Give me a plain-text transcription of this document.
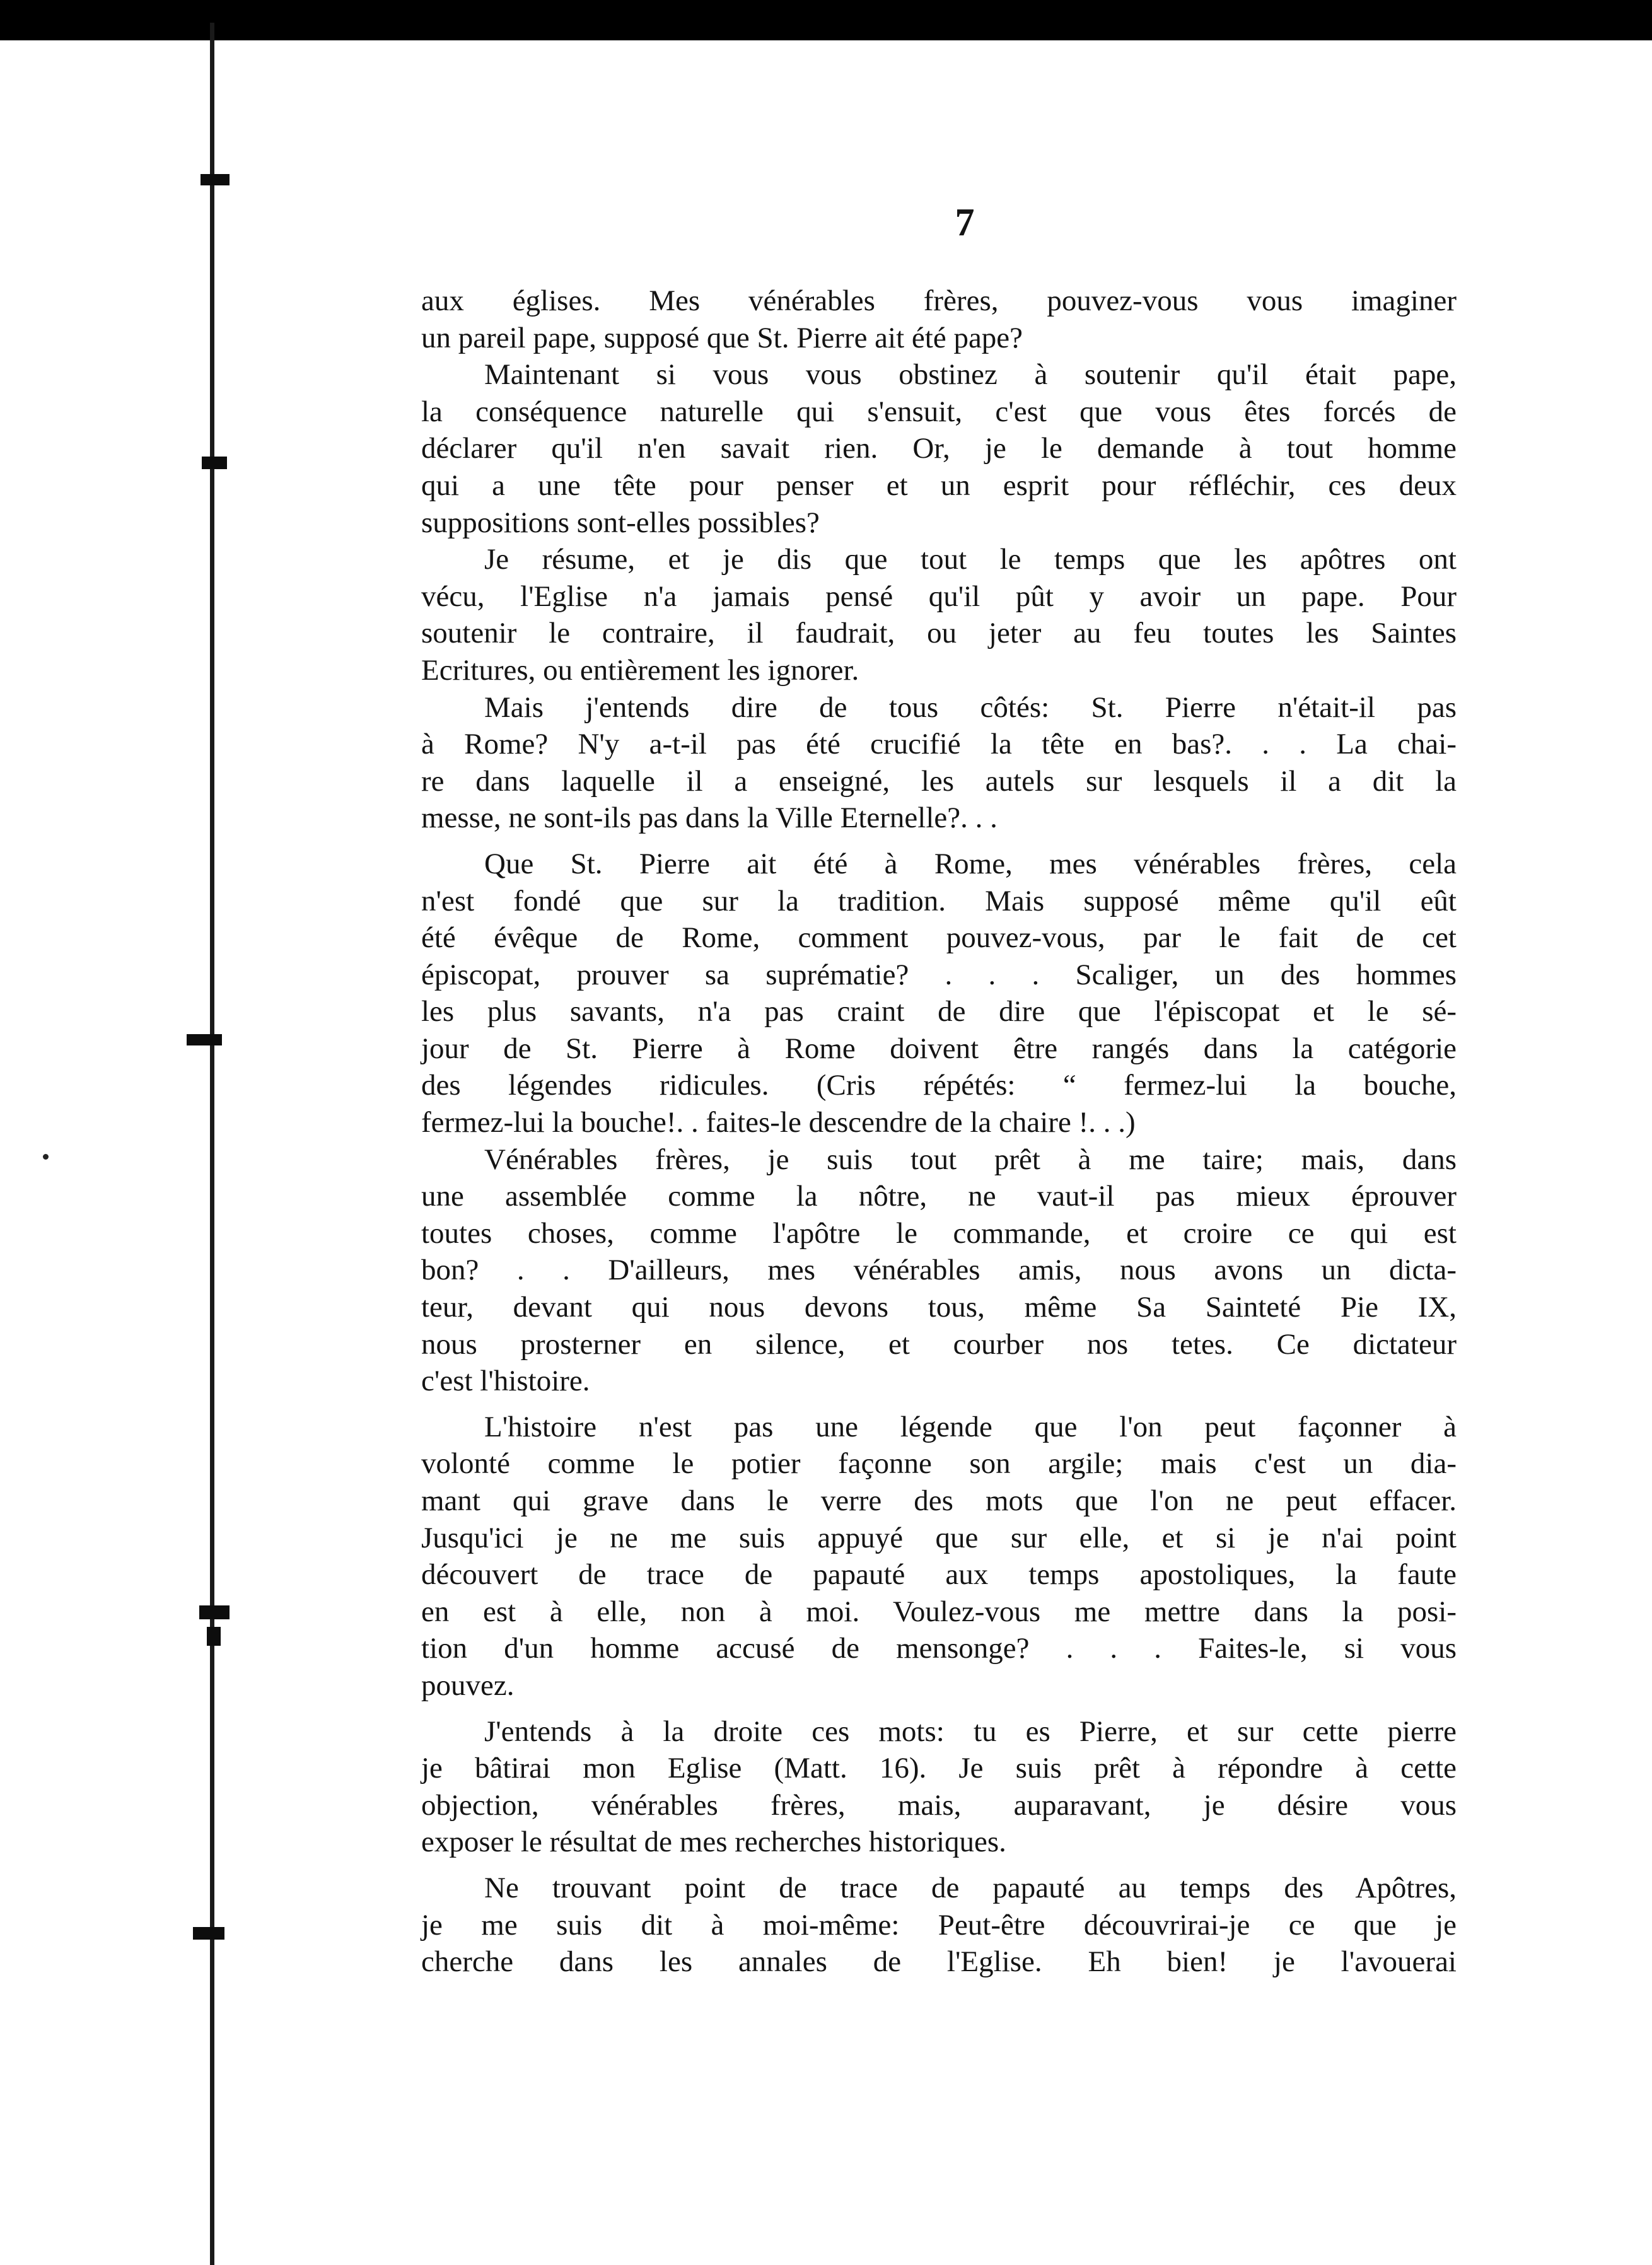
7
aux églises. Mes vénérables frères, pouvez-vous vous imaginer
un pareil pape, supposé que St. Pierre ait été pape?
Maintenant si vous vous obstinez à soutenir qu'il était pape,
la conséquence naturelle qui s'ensuit, c'est que vous êtes forcés de
déclarer qu'il n'en savait rien. Or, je le demande à tout homme
qui a une tête pour penser et un esprit pour réfléchir, ces deux
suppositions sont-elles possibles?
Je résume, et je dis que tout le temps que les apôtres ont
vécu, l'Eglise n'a jamais pensé qu'il pût y avoir un pape. Pour
soutenir le contraire, il faudrait, ou jeter au feu toutes les Saintes
Ecritures, ou entièrement les ignorer.
Mais j'entends dire de tous côtés: St. Pierre n'était-il pas
à Rome? N'y a-t-il pas été crucifié la tête en bas?. . . La chai-
re dans laquelle il a enseigné, les autels sur lesquels il a dit la
messe, ne sont-ils pas dans la Ville Eternelle?. . .
Que St. Pierre ait été à Rome, mes vénérables frères, cela
n'est fondé que sur la tradition. Mais supposé même qu'il eût
été évêque de Rome, comment pouvez-vous, par le fait de cet
épiscopat, prouver sa suprématie? . . . Scaliger, un des hommes
les plus savants, n'a pas craint de dire que l'épiscopat et le sé-
jour de St. Pierre à Rome doivent être rangés dans la catégorie
des légendes ridicules. (Cris répétés: “ fermez-lui la bouche,
fermez-lui la bouche!. . faites-le descendre de la chaire !. . .)
Vénérables frères, je suis tout prêt à me taire; mais, dans
une assemblée comme la nôtre, ne vaut-il pas mieux éprouver
toutes choses, comme l'apôtre le commande, et croire ce qui est
bon? . . D'ailleurs, mes vénérables amis, nous avons un dicta-
teur, devant qui nous devons tous, même Sa Sainteté Pie IX,
nous prosterner en silence, et courber nos tetes. Ce dictateur
c'est l'histoire.
L'histoire n'est pas une légende que l'on peut façonner à
volonté comme le potier façonne son argile; mais c'est un dia-
mant qui grave dans le verre des mots que l'on ne peut effacer.
Jusqu'ici je ne me suis appuyé que sur elle, et si je n'ai point
découvert de trace de papauté aux temps apostoliques, la faute
en est à elle, non à moi. Voulez-vous me mettre dans la posi-
tion d'un homme accusé de mensonge? . . . Faites-le, si vous
pouvez.
J'entends à la droite ces mots: tu es Pierre, et sur cette pierre
je bâtirai mon Eglise (Matt. 16). Je suis prêt à répondre à cette
objection, vénérables frères, mais, auparavant, je désire vous
exposer le résultat de mes recherches historiques.
Ne trouvant point de trace de papauté au temps des Apôtres,
je me suis dit à moi-même: Peut-être découvrirai-je ce que je
cherche dans les annales de l'Eglise. Eh bien! je l'avouerai
